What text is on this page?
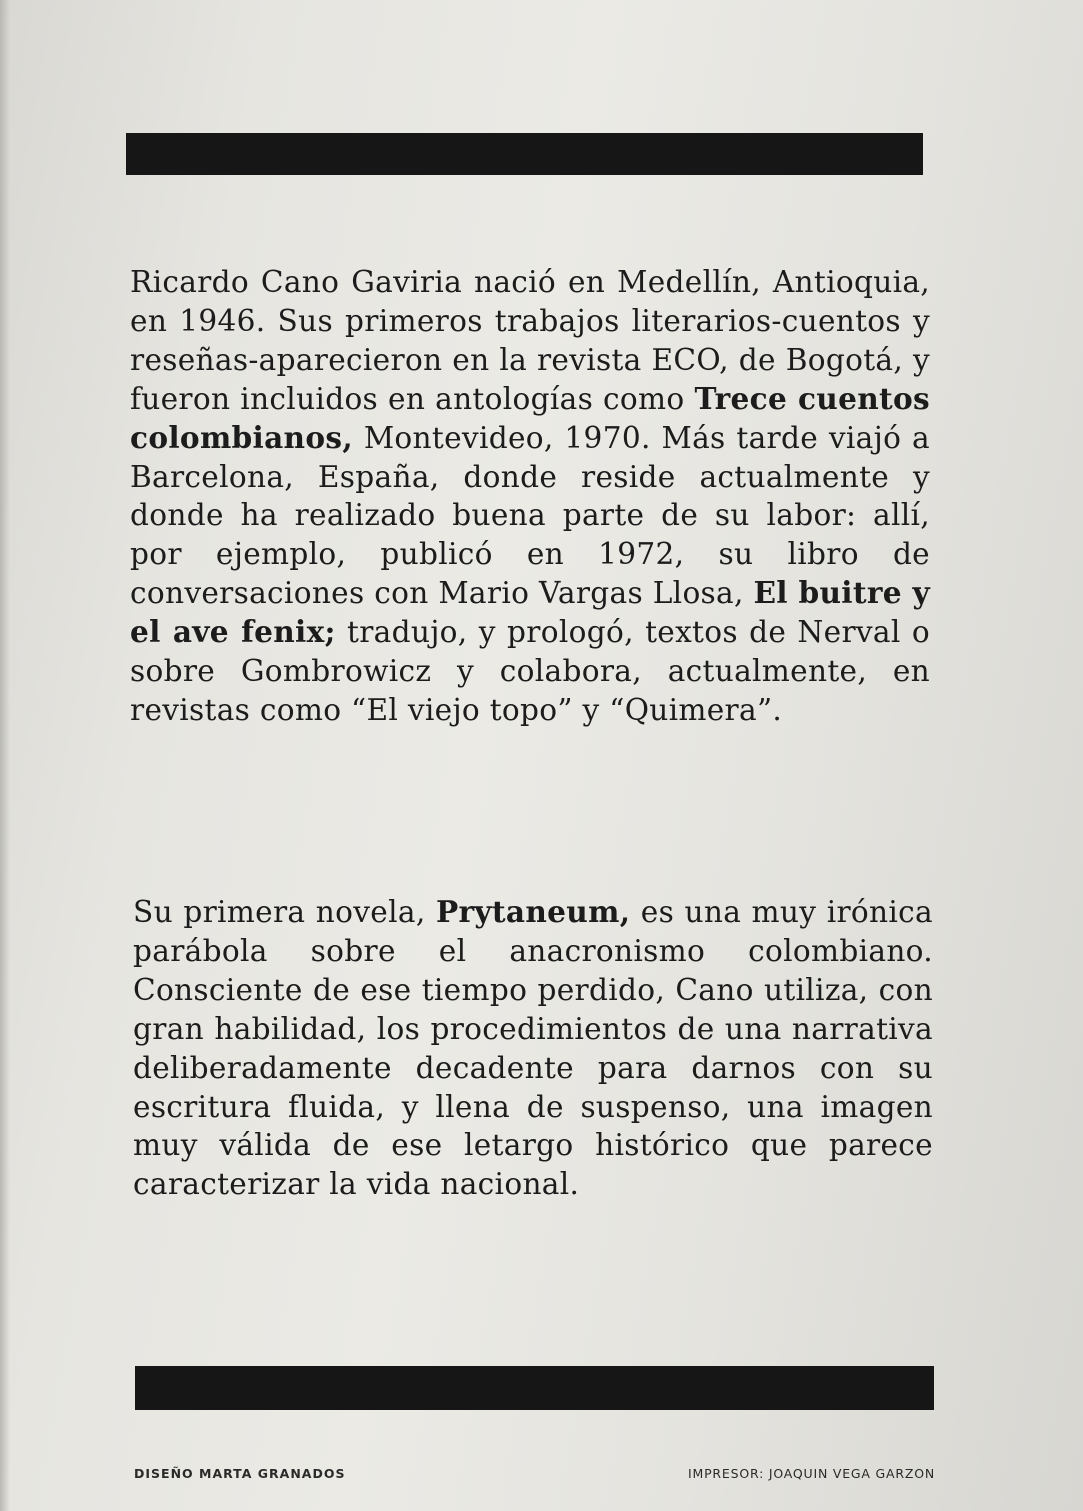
Ricardo Cano Gaviria nació en Medellín, Antioquia, en 1946. Sus primeros trabajos literarios-cuentos y reseñas-aparecieron en la revista ECO, de Bogotá, y fueron incluidos en antologías como Trece cuentos colombianos, Montevideo, 1970. Más tarde viajó a Barcelona, España, donde reside actualmente y donde ha realizado buena parte de su labor: allí, por ejemplo, publicó en 1972, su libro de conversaciones con Mario Vargas Llosa, El buitre y el ave fenix; tradujo, y prologó, textos de Nerval o sobre Gombrowicz y colabora, actualmente, en revistas como “El viejo topo” y “Quimera”.

Su primera novela, Prytaneum, es una muy irónica parábola sobre el anacronismo colombiano. Consciente de ese tiempo perdido, Cano utiliza, con gran habilidad, los procedimientos de una narrativa deliberadamente decadente para darnos con su escritura fluida, y llena de suspenso, una imagen muy válida de ese letargo histórico que parece caracterizar la vida nacional.

DISEÑO MARTA GRANADOS	IMPRESOR: JOAQUIN VEGA GARZON
